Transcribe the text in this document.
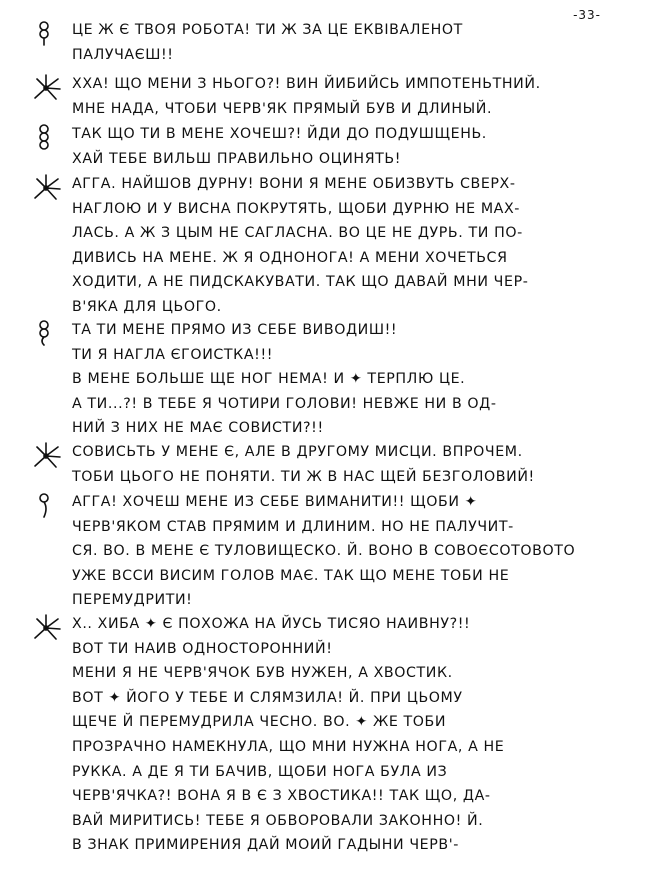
-33-
ЦЕ Ж Є ТВОЯ РОБОТА! ТИ Ж ЗА ЦЕ ЕКВІВАЛЕНОТ
ПАЛУЧАЄШ!!
ХХА! ЩО МЕНИ З НЬОГО?! ВИН ЙИБИЙСЬ ИМПОТЕНЬТНИЙ.
МНЕ НАДА, ЧТОБИ ЧЕРВ'ЯК ПРЯМЫЙ БУВ И ДЛИНЫЙ.
ТАК ЩО ТИ В МЕНЕ ХОЧЕШ?! ЙДИ ДО ПОДУШЩЕНЬ.
ХАЙ ТЕБЕ ВИЛЬШ ПРАВИЛЬНО ОЦИНЯТЬ!
АГГА. НАЙШОВ ДУРНУ! ВОНИ Я МЕНЕ ОБИЗВУТЬ СВЕРХ-
НАГЛОЮ И У ВИСНА ПОКРУТЯТЬ, ЩОБИ ДУРНЮ НЕ МАХ-
ЛАСЬ. А Ж З ЦЫМ НЕ САГЛАСНА. ВО ЦЕ НЕ ДУРЬ. ТИ ПО-
ДИВИСЬ НА МЕНЕ. Ж Я ОДНОНОГА! А МЕНИ ХОЧЕТЬСЯ
ХОДИТИ, А НЕ ПИДСКАКУВАТИ. ТАК ЩО ДАВАЙ МНИ ЧЕР-
В'ЯКА ДЛЯ ЦЬОГО.
ТА ТИ МЕНЕ ПРЯМО ИЗ СЕБЕ ВИВОДИШ!!
ТИ Я НАГЛА ЄГОИСТКА!!!
В МЕНЕ БОЛЬШЕ ЩЕ НОГ НЕМА! И ✦ ТЕРПЛЮ ЦЕ.
А ТИ...?! В ТЕБЕ Я ЧОТИРИ ГОЛОВИ! НЕВЖЕ НИ В ОД-
НИЙ З НИХ НЕ МАЄ СОВИСТИ?!!
СОВИСЬТЬ У МЕНЕ Є, АЛЕ В ДРУГОМУ МИСЦИ. ВПРОЧЕМ.
ТОБИ ЦЬОГО НЕ ПОНЯТИ. ТИ Ж В НАС ЩЕЙ БЕЗГОЛОВИЙ!
АГГА! ХОЧЕШ МЕНЕ ИЗ СЕБЕ ВИМАНИТИ!! ЩОБИ ✦
ЧЕРВ'ЯКОМ СТАВ ПРЯМИМ И ДЛИНИМ. НО НЕ ПАЛУЧИТ-
СЯ. ВО. В МЕНЕ Є ТУЛОВИЩЕСКО. Й. ВОНО В СОВОЄСОТОВОТО
УЖЕ ВССИ ВИСИМ ГОЛОВ МАЄ. ТАК ЩО МЕНЕ ТОБИ НЕ
ПЕРЕМУДРИТИ!
Х.. ХИБА ✦ Є ПОХОЖА НА ЙУСЬ ТИСЯО НАИВНУ?!!
ВОТ ТИ НАИВ ОДНОСТОРОННИЙ!
МЕНИ Я НЕ ЧЕРВ'ЯЧОК БУВ НУЖЕН, А ХВОСТИК.
ВОТ ✦ ЙОГО У ТЕБЕ И СЛЯМЗИЛА! Й. ПРИ ЦЬОМУ
ЩЕЧЕ Й ПЕРЕМУДРИЛА ЧЕСНО. ВО. ✦ ЖЕ ТОБИ
ПРОЗРАЧНО НАМЕКНУЛА, ЩО МНИ НУЖНА НОГА, А НЕ
РУККА. А ДЕ Я ТИ БАЧИВ, ЩОБИ НОГА БУЛА ИЗ
ЧЕРВ'ЯЧКА?! ВОНА Я В Є З ХВОСТИКА!! ТАК ЩО, ДА-
ВАЙ МИРИТИСЬ! ТЕБЕ Я ОБВОРОВАЛИ ЗАКОННО! Й.
В ЗНАК ПРИМИРЕНИЯ ДАЙ МОИЙ ГАДЫНИ ЧЕРВ'-
